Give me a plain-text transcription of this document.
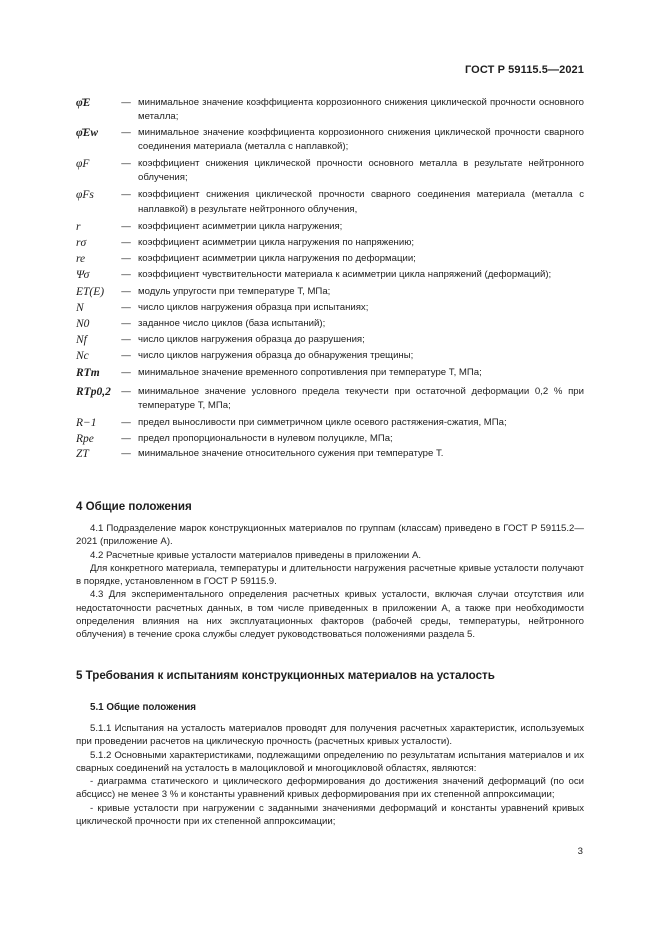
ГОСТ Р 59115.5—2021
φ̄E	— минимальное значение коэффициента коррозионного снижения циклической прочности основного металла;
φ̄Ew	— минимальное значение коэффициента коррозионного снижения циклической прочности сварного соединения материала (металла с наплавкой);
φF	— коэффициент снижения циклической прочности основного металла в результате нейтронного облучения;
φFs	— коэффициент снижения циклической прочности сварного соединения материала (металла с наплавкой) в результате нейтронного облучения,
r	— коэффициент асимметрии цикла нагружения;
rσ	— коэффициент асимметрии цикла нагружения по напряжению;
re	— коэффициент асимметрии цикла нагружения по деформации;
Ψσ	— коэффициент чувствительности материала к асимметрии цикла напряжений (деформаций);
ET(E)	— модуль упругости при температуре T, МПа;
N	— число циклов нагружения образца при испытаниях;
N0	— заданное число циклов (база испытаний);
Nf	— число циклов нагружения образца до разрушения;
Nc	— число циклов нагружения образца до обнаружения трещины;
RTm	— минимальное значение временного сопротивления при температуре T, МПа;
RTp0,2	— минимальное значение условного предела текучести при остаточной деформации 0,2 % при температуре T, МПа;
R−1	— предел выносливости при симметричном цикле осевого растяжения-сжатия, МПа;
Rpe	— предел пропорциональности в нулевом полуцикле, МПа;
ZT	— минимальное значение относительного сужения при температуре T.
4 Общие положения

4.1 Подразделение марок конструкционных материалов по группам (классам) приведено в ГОСТ Р 59115.2—2021 (приложение А).

4.2 Расчетные кривые усталости материалов приведены в приложении А.

Для конкретного материала, температуры и длительности нагружения расчетные кривые усталости получают в порядке, установленном в ГОСТ Р 59115.9.

4.3 Для экспериментального определения расчетных кривых усталости, включая случаи отсутствия или недостаточности расчетных данных, в том числе приведенных в приложении А, а также при необходимости определения влияния на них эксплуатационных факторов (рабочей среды, температуры, нейтронного облучения) в течение срока службы следует руководствоваться положениями раздела 5.

5 Требования к испытаниям конструкционных материалов на усталость
5.1 Общие положения

5.1.1 Испытания на усталость материалов проводят для получения расчетных характеристик, используемых при проведении расчетов на циклическую прочность (расчетных кривых усталости).

5.1.2 Основными характеристиками, подлежащими определению по результатам испытания материалов и их сварных соединений на усталость в малоцикловой и многоцикловой областях, являются:

- диаграмма статического и циклического деформирования до достижения значений деформаций (по оси абсцисс) не менее 3 % и константы уравнений кривых деформирования при их степенной аппроксимации;

- кривые усталости при нагружении с заданными значениями деформаций и константы уравнений кривых циклической прочности при их степенной аппроксимации;

3
